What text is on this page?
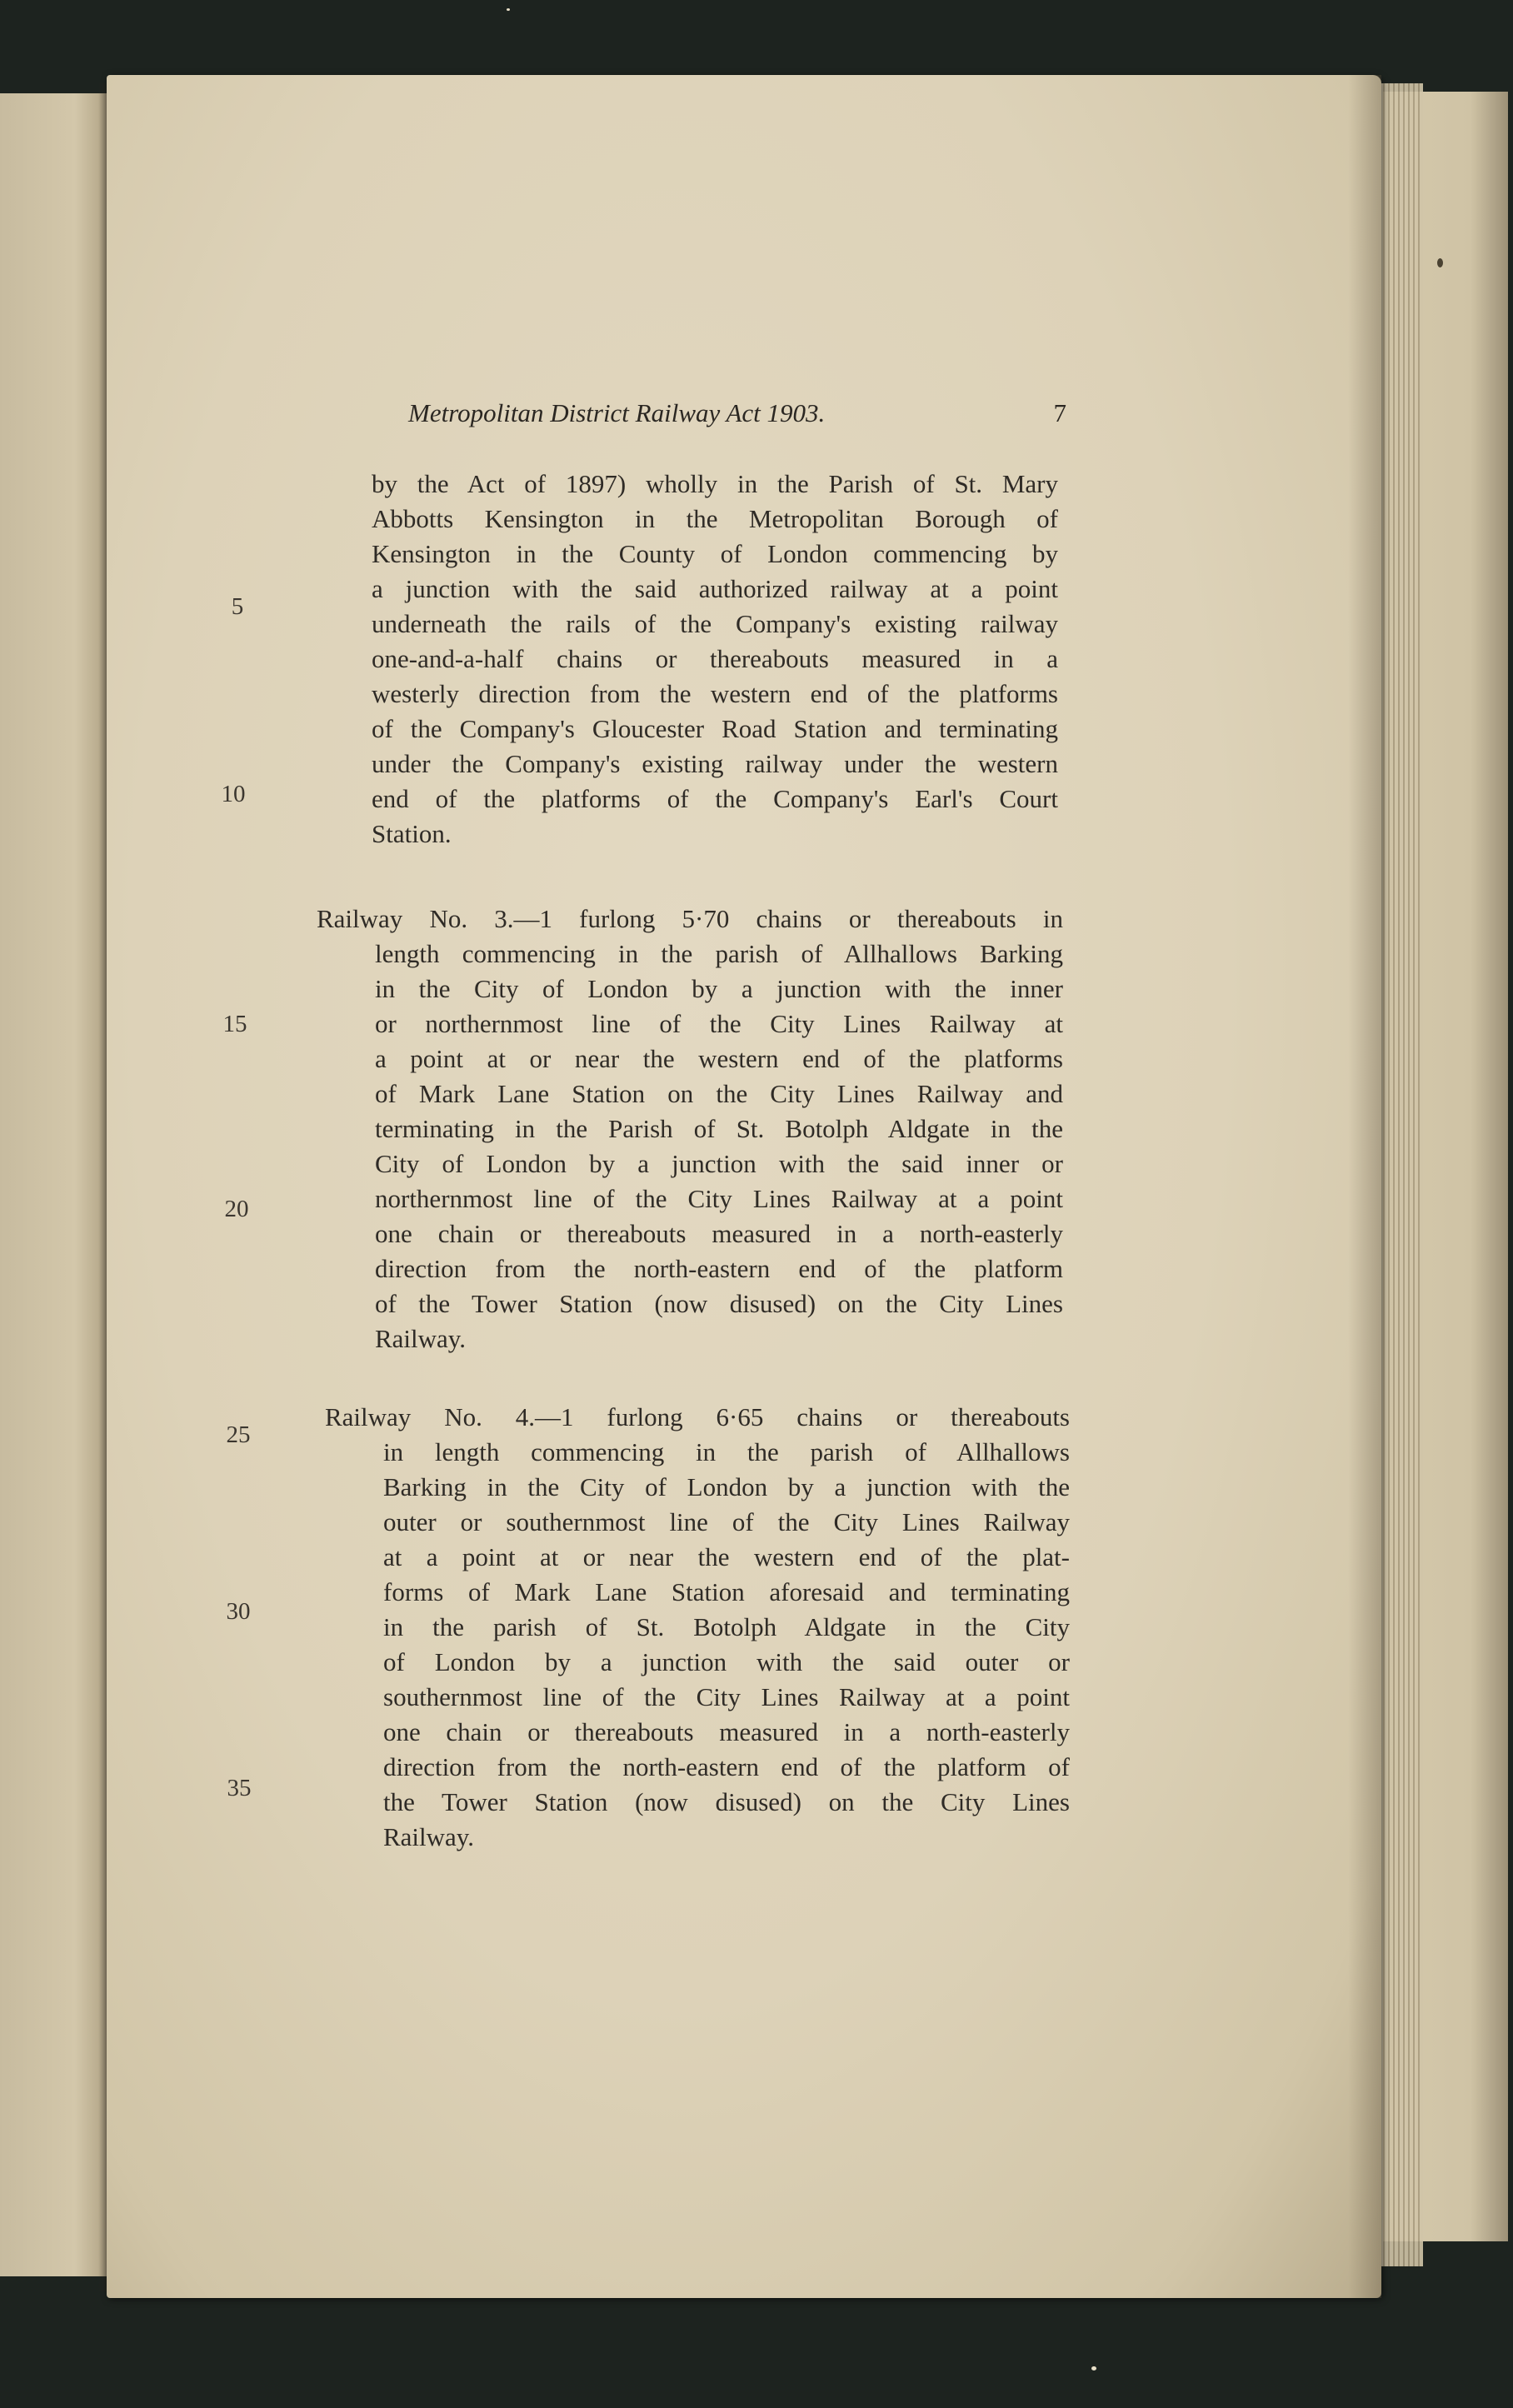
Metropolitan District Railway Act 1903.	7
by the Act of 1897) wholly in the Parish of St. Mary
Abbotts Kensington in the Metropolitan Borough of
Kensington in the County of London commencing by
a junction with the said authorized railway at a point
underneath the rails of the Company's existing railway
one-and-a-half chains or thereabouts measured in a
westerly direction from the western end of the platforms
of the Company's Gloucester Road Station and terminating
under the Company's existing railway under the western
end of the platforms of the Company's Earl's Court
Station.
Railway No. 3.—1 furlong 5·70 chains or thereabouts in
length commencing in the parish of Allhallows Barking
in the City of London by a junction with the inner
or northernmost line of the City Lines Railway at
a point at or near the western end of the platforms
of Mark Lane Station on the City Lines Railway and
terminating in the Parish of St. Botolph Aldgate in the
City of London by a junction with the said inner or
northernmost line of the City Lines Railway at a point
one chain or thereabouts measured in a north-easterly
direction from the north-eastern end of the platform
of the Tower Station (now disused) on the City Lines
Railway.
Railway No. 4.—1 furlong 6·65 chains or thereabouts
in length commencing in the parish of Allhallows
Barking in the City of London by a junction with the
outer or southernmost line of the City Lines Railway
at a point at or near the western end of the plat-
forms of Mark Lane Station aforesaid and terminating
in the parish of St. Botolph Aldgate in the City
of London by a junction with the said outer or
southernmost line of the City Lines Railway at a point
one chain or thereabouts measured in a north-easterly
direction from the north-eastern end of the platform of
the Tower Station (now disused) on the City Lines
Railway.
5
10
15
20
25
30
35
